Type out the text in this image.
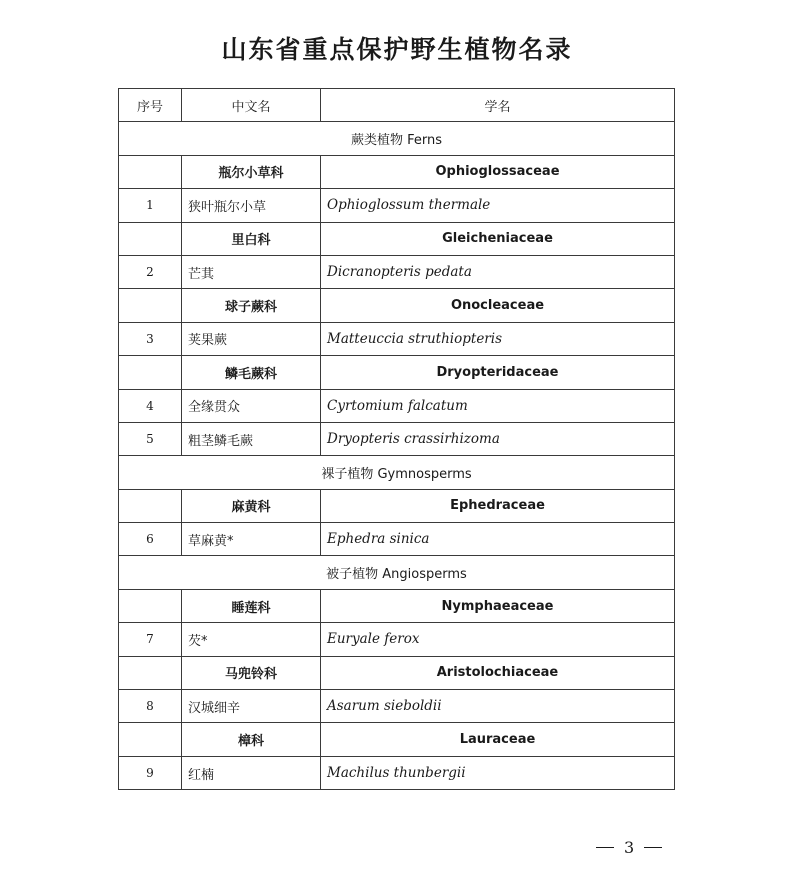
山东省重点保护野生植物名录
序号	中文名	学名
蕨类植物 Ferns		
	瓶尔小草科	Ophioglossaceae
1	狭叶瓶尔小草	Ophioglossum thermale
	里白科	Gleicheniaceae
2	芒萁	Dicranopteris pedata
	球子蕨科	Onocleaceae
3	荚果蕨	Matteuccia struthiopteris
	鳞毛蕨科	Dryopteridaceae
4	全缘贯众	Cyrtomium falcatum
5	粗茎鳞毛蕨	Dryopteris crassirhizoma
裸子植物 Gymnosperms		
	麻黄科	Ephedraceae
6	草麻黄*	Ephedra sinica
被子植物 Angiosperms		
	睡莲科	Nymphaeaceae
7	芡*	Euryale ferox
	马兜铃科	Aristolochiaceae
8	汉城细辛	Asarum sieboldii
	樟科	Lauraceae
9	红楠	Machilus thunbergii
3
